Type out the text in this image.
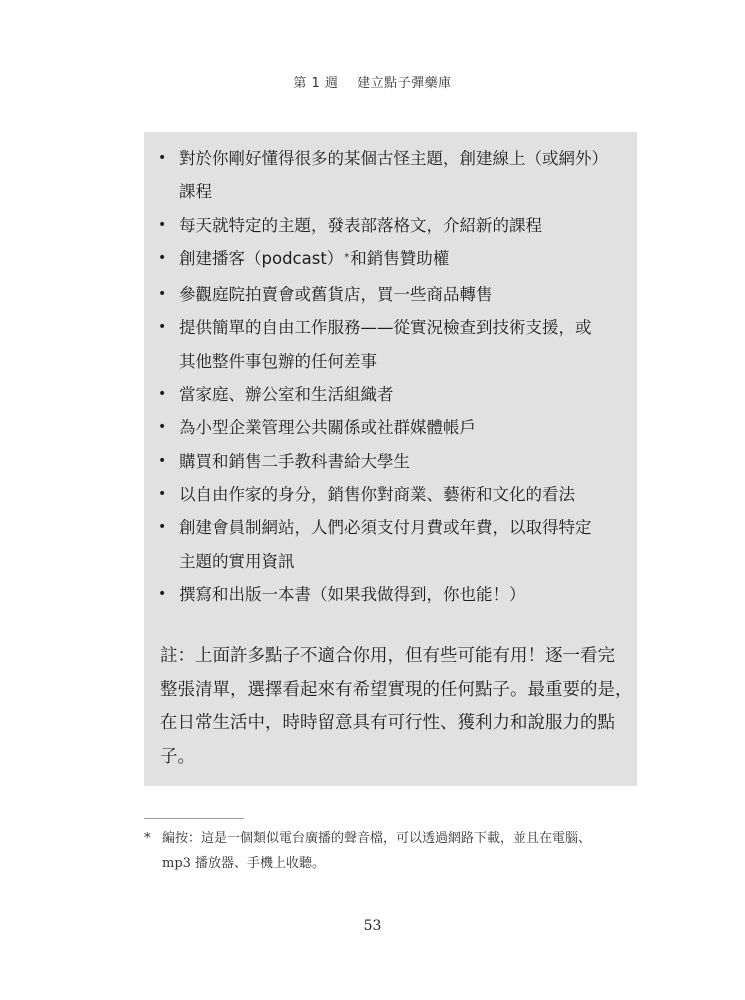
第 1 週 建立點子彈藥庫
• 對於你剛好懂得很多的某個古怪主題，創建線上（或網外）
課程
• 每天就特定的主題，發表部落格文，介紹新的課程
• 創建播客（podcast）*和銷售贊助權
• 參觀庭院拍賣會或舊貨店，買一些商品轉售
• 提供簡單的自由工作服務——從實況檢查到技術支援，或
其他整件事包辦的任何差事
• 當家庭、辦公室和生活組織者
• 為小型企業管理公共關係或社群媒體帳戶
• 購買和銷售二手教科書給大學生
• 以自由作家的身分，銷售你對商業、藝術和文化的看法
• 創建會員制網站，人們必須支付月費或年費，以取得特定
主題的實用資訊
• 撰寫和出版一本書（如果我做得到，你也能！）
註：上面許多點子不適合你用，但有些可能有用！逐一看完
整張清單，選擇看起來有希望實現的任何點子。最重要的是，
在日常生活中，時時留意具有可行性、獲利力和說服力的點
子。
* 編按：這是一個類似電台廣播的聲音檔，可以透過網路下載，並且在電腦、
mp3 播放器、手機上收聽。
53
